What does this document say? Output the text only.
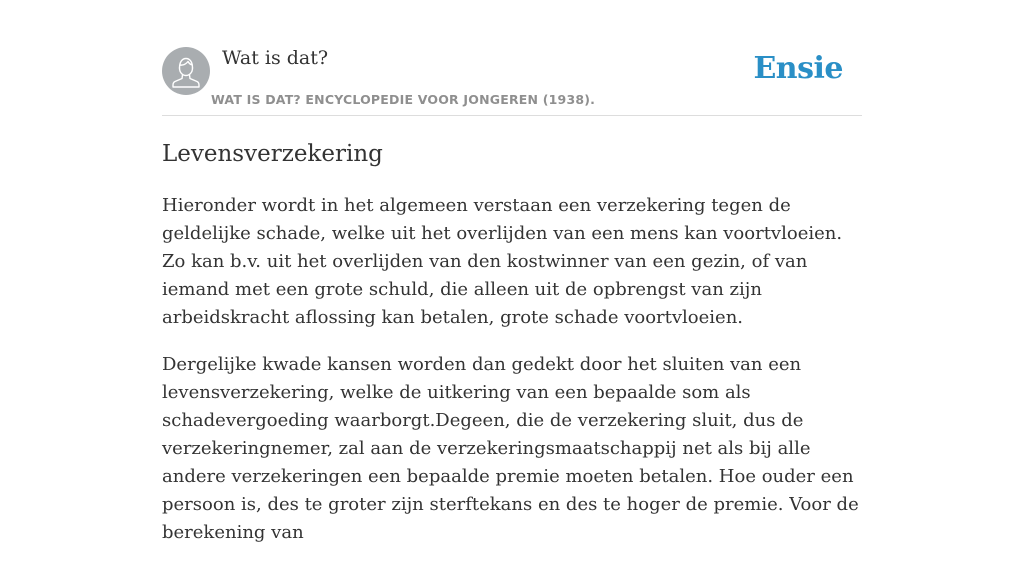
Wat is dat?
WAT IS DAT? ENCYCLOPEDIE VOOR JONGEREN (1938).
Ensie
Levensverzekering

Hieronder wordt in het algemeen verstaan een verzekering tegen de geldelijke schade, welke uit het overlijden van een mens kan voortvloeien. Zo kan b.v. uit het overlijden van den kostwinner van een gezin, of van iemand met een grote schuld, die alleen uit de opbrengst van zijn arbeidskracht aflossing kan betalen, grote schade voortvloeien.

Dergelijke kwade kansen worden dan gedekt door het sluiten van een levensverzekering, welke de uitkering van een bepaalde som als schadevergoeding waarborgt.Degeen, die de verzekering sluit, dus de verzekeringnemer, zal aan de verzekeringsmaatschappij net als bij alle andere verzekeringen een bepaalde premie moeten betalen. Hoe ouder een persoon is, des te groter zijn sterftekans en des te hoger de premie. Voor de berekening van
